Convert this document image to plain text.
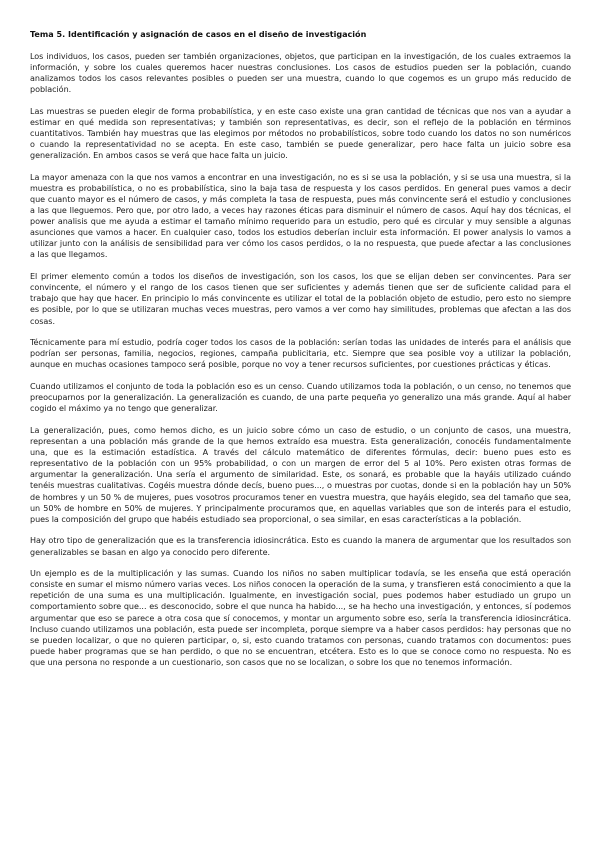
Tema 5. Identificación y asignación de casos en el diseño de investigación

Los individuos, los casos, pueden ser también organizaciones, objetos, que participan en la investigación, de los cuales extraemos la información, y sobre los cuales queremos hacer nuestras conclusiones. Los casos de estudios pueden ser la población, cuando analizamos todos los casos relevantes posibles o pueden ser una muestra, cuando lo que cogemos es un grupo más reducido de población.

Las muestras se pueden elegir de forma probabilística, y en este caso existe una gran cantidad de técnicas que nos van a ayudar a estimar en qué medida son representativas; y también son representativas, es decir, son el reflejo de la población en términos cuantitativos. También hay muestras que las elegimos por métodos no probabilísticos, sobre todo cuando los datos no son numéricos o cuando la representatividad no se acepta. En este caso, también se puede generalizar, pero hace falta un juicio sobre esa generalización. En ambos casos se verá que hace falta un juicio.

La mayor amenaza con la que nos vamos a encontrar en una investigación, no es si se usa la población, y si se usa una muestra, si la muestra es probabilística, o no es probabilística, sino la baja tasa de respuesta y los casos perdidos. En general pues vamos a decir que cuanto mayor es el número de casos, y más completa la tasa de respuesta, pues más convincente será el estudio y conclusiones a las que lleguemos. Pero que, por otro lado, a veces hay razones éticas para disminuir el número de casos. Aquí hay dos técnicas, el power analisis que me ayuda a estimar el tamaño mínimo requerido para un estudio, pero qué es circular y muy sensible a algunas asunciones que vamos a hacer. En cualquier caso, todos los estudios deberían incluir esta información. El power analysis lo vamos a utilizar junto con la análisis de sensibilidad para ver cómo los casos perdidos, o la no respuesta, que puede afectar a las conclusiones a las que llegamos.

El primer elemento común a todos los diseños de investigación, son los casos, los que se elijan deben ser convincentes. Para ser convincente, el número y el rango de los casos tienen que ser suficientes y además tienen que ser de suficiente calidad para el trabajo que hay que hacer. En principio lo más convincente es utilizar el total de la población objeto de estudio, pero esto no siempre es posible, por lo que se utilizaran muchas veces muestras, pero vamos a ver como hay similitudes, problemas que afectan a las dos cosas.

Técnicamente para mí estudio, podría coger todos los casos de la población: serían todas las unidades de interés para el análisis que podrían ser personas, familia, negocios, regiones, campaña publicitaria, etc. Siempre que sea posible voy a utilizar la población, aunque en muchas ocasiones tampoco será posible, porque no voy a tener recursos suficientes, por cuestiones prácticas y éticas.

Cuando utilizamos el conjunto de toda la población eso es un censo. Cuando utilizamos toda la población, o un censo, no tenemos que preocuparnos por la generalización. La generalización es cuando, de una parte pequeña yo generalizo una más grande. Aquí al haber cogido el máximo ya no tengo que generalizar.

La generalización, pues, como hemos dicho, es un juicio sobre cómo un caso de estudio, o un conjunto de casos, una muestra, representan a una población más grande de la que hemos extraído esa muestra. Esta generalización, conocéis fundamentalmente una, que es la estimación estadística. A través del cálculo matemático de diferentes fórmulas, decir: bueno pues esto es representativo de la población con un 95% probabilidad, o con un margen de error del 5 al 10%. Pero existen otras formas de argumentar la generalización. Una sería el argumento de similaridad. Este, os sonará, es probable que la hayáis utilizado cuándo tenéis muestras cualitativas. Cogéis muestra dónde decís, bueno pues..., o muestras por cuotas, donde si en la población hay un 50% de hombres y un 50 % de mujeres, pues vosotros procuramos tener en vuestra muestra, que hayáis elegido, sea del tamaño que sea, un 50% de hombre en 50% de mujeres. Y principalmente procuramos que, en aquellas variables que son de interés para el estudio, pues la composición del grupo que habéis estudiado sea proporcional, o sea similar, en esas características a la población.

Hay otro tipo de generalización que es la transferencia idiosincrática. Esto es cuando la manera de argumentar que los resultados son generalizables se basan en algo ya conocido pero diferente.

Un ejemplo es de la multiplicación y las sumas. Cuando los niños no saben multiplicar todavía, se les enseña que está operación consiste en sumar el mismo número varias veces. Los niños conocen la operación de la suma, y transfieren está conocimiento a que la repetición de una suma es una multiplicación. Igualmente, en investigación social, pues podemos haber estudiado un grupo un comportamiento sobre que... es desconocido, sobre el que nunca ha habido..., se ha hecho una investigación, y entonces, sí podemos argumentar que eso se parece a otra cosa que sí conocemos, y montar un argumento sobre eso, sería la transferencia idiosincrática. Incluso cuando utilizamos una población, esta puede ser incompleta, porque siempre va a haber casos perdidos: hay personas que no se pueden localizar, o que no quieren participar, o, si, esto cuando tratamos con personas, cuando tratamos con documentos: pues puede haber programas que se han perdido, o que no se encuentran, etcétera. Esto es lo que se conoce como no respuesta. No es que una persona no responde a un cuestionario, son casos que no se localizan, o sobre los que no tenemos información.
